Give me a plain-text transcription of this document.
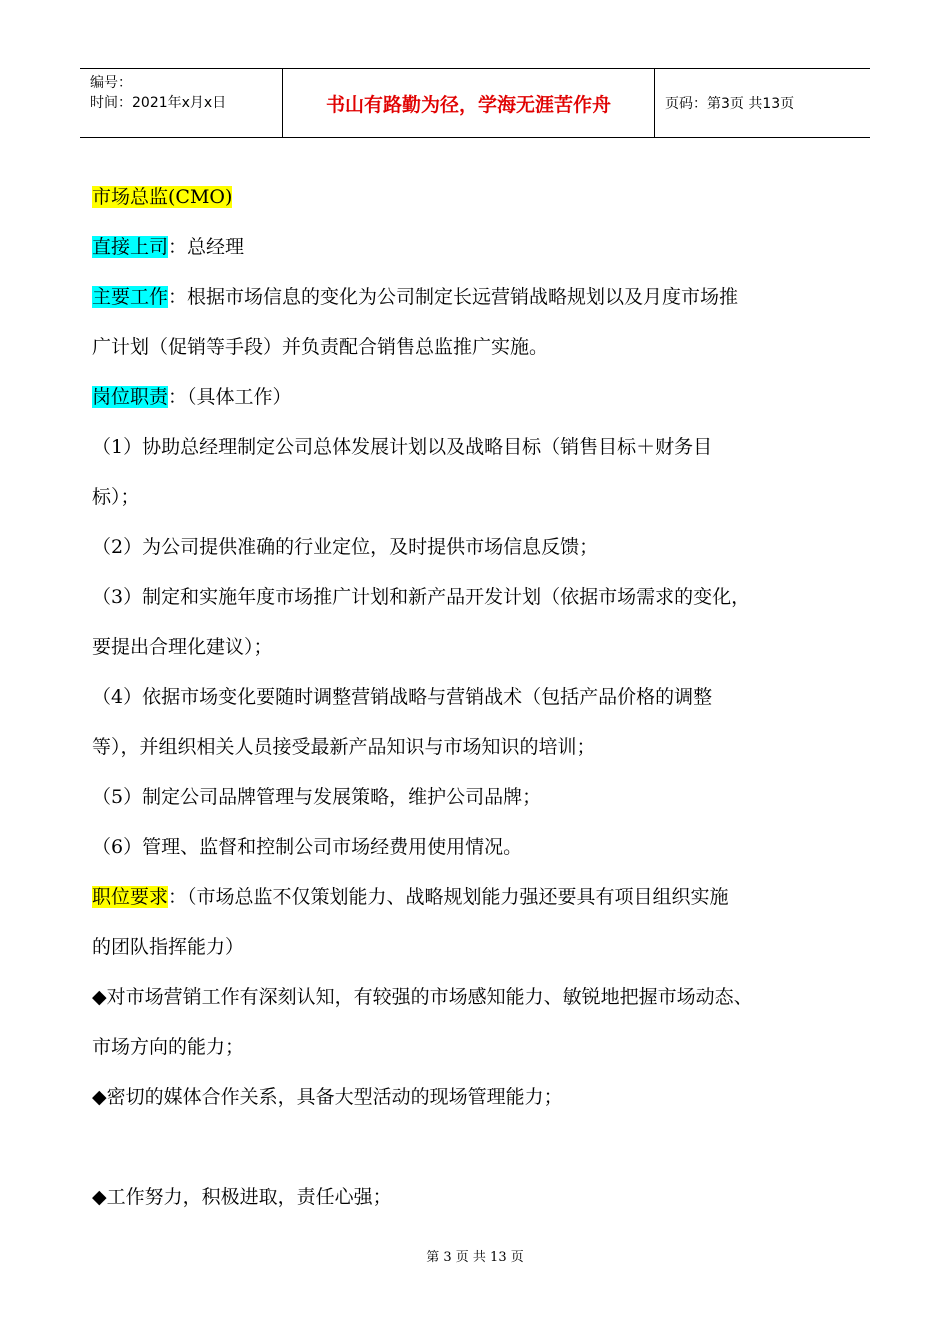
编号：
时间：2021年x月x日	书山有路勤为径，学海无涯苦作舟	页码：第3页 共13页
市场总监(CMO)
直接上司：总经理
主要工作：根据市场信息的变化为公司制定长远营销战略规划以及月度市场推
广计划（促销等手段）并负责配合销售总监推广实施。
岗位职责：（具体工作）
（1）协助总经理制定公司总体发展计划以及战略目标（销售目标＋财务目
标）；
（2）为公司提供准确的行业定位，及时提供市场信息反馈；
（3）制定和实施年度市场推广计划和新产品开发计划（依据市场需求的变化，
要提出合理化建议）；
（4）依据市场变化要随时调整营销战略与营销战术（包括产品价格的调整
等），并组织相关人员接受最新产品知识与市场知识的培训；
（5）制定公司品牌管理与发展策略，维护公司品牌；
（6）管理、监督和控制公司市场经费用使用情况。
职位要求：（市场总监不仅策划能力、战略规划能力强还要具有项目组织实施
的团队指挥能力）
◆对市场营销工作有深刻认知，有较强的市场感知能力、敏锐地把握市场动态、
市场方向的能力；
◆密切的媒体合作关系，具备大型活动的现场管理能力；
◆工作努力，积极进取，责任心强；
第 3 页 共 13 页
